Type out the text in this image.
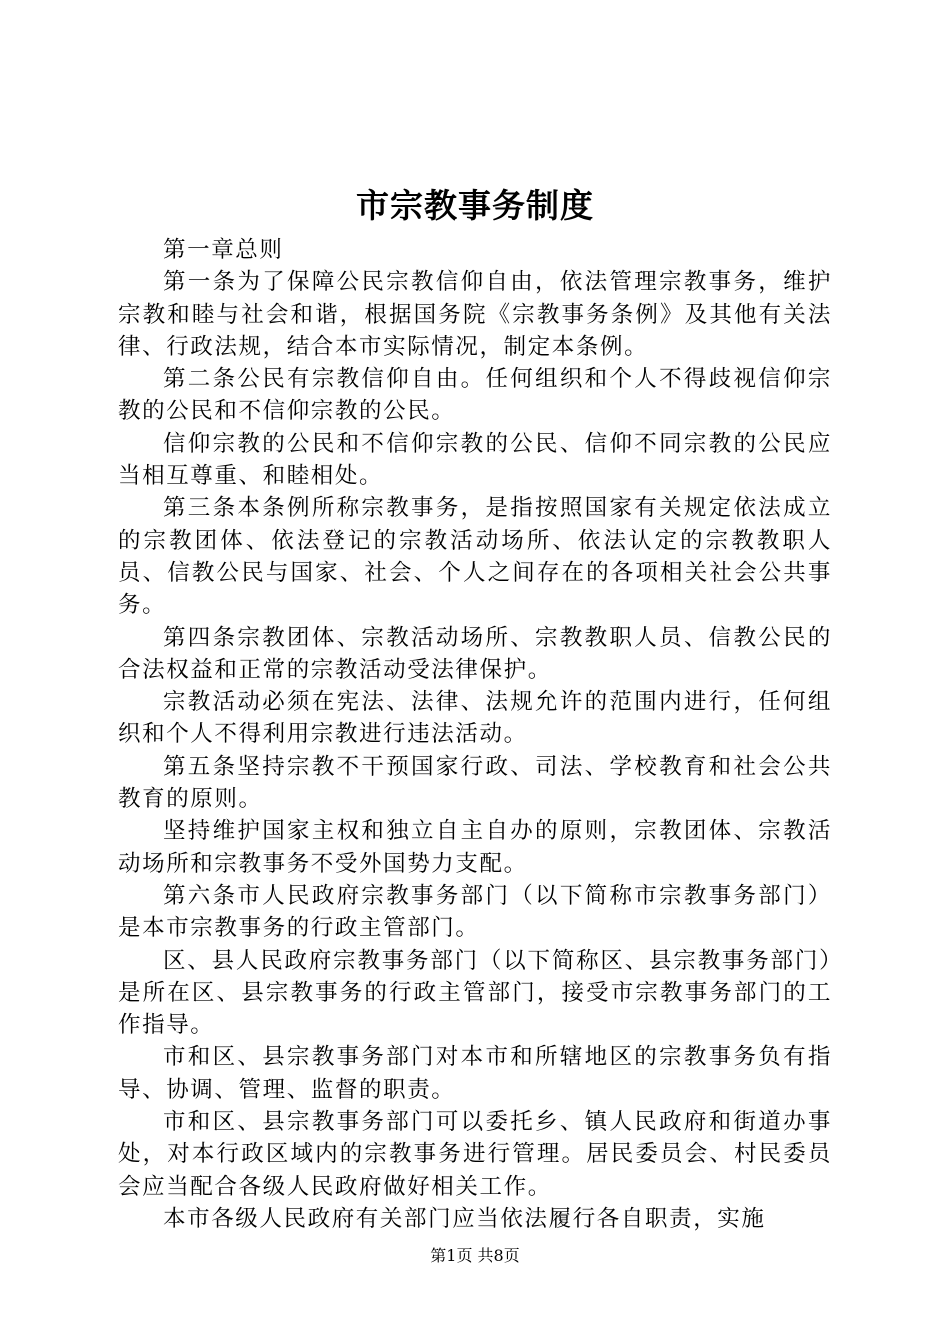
市宗教事务制度

第一章总则

第一条为了保障公民宗教信仰自由，依法管理宗教事务，维护宗教和睦与社会和谐，根据国务院《宗教事务条例》及其他有关法律、行政法规，结合本市实际情况，制定本条例。

第二条公民有宗教信仰自由。任何组织和个人不得歧视信仰宗教的公民和不信仰宗教的公民。

信仰宗教的公民和不信仰宗教的公民、信仰不同宗教的公民应当相互尊重、和睦相处。

第三条本条例所称宗教事务，是指按照国家有关规定依法成立的宗教团体、依法登记的宗教活动场所、依法认定的宗教教职人员、信教公民与国家、社会、个人之间存在的各项相关社会公共事务。

第四条宗教团体、宗教活动场所、宗教教职人员、信教公民的合法权益和正常的宗教活动受法律保护。

宗教活动必须在宪法、法律、法规允许的范围内进行，任何组织和个人不得利用宗教进行违法活动。

第五条坚持宗教不干预国家行政、司法、学校教育和社会公共教育的原则。

坚持维护国家主权和独立自主自办的原则，宗教团体、宗教活动场所和宗教事务不受外国势力支配。

第六条市人民政府宗教事务部门（以下简称市宗教事务部门）是本市宗教事务的行政主管部门。

区、县人民政府宗教事务部门（以下简称区、县宗教事务部门）是所在区、县宗教事务的行政主管部门，接受市宗教事务部门的工作指导。

市和区、县宗教事务部门对本市和所辖地区的宗教事务负有指导、协调、管理、监督的职责。

市和区、县宗教事务部门可以委托乡、镇人民政府和街道办事处，对本行政区域内的宗教事务进行管理。居民委员会、村民委员会应当配合各级人民政府做好相关工作。

本市各级人民政府有关部门应当依法履行各自职责，实施

第1页 共8页
